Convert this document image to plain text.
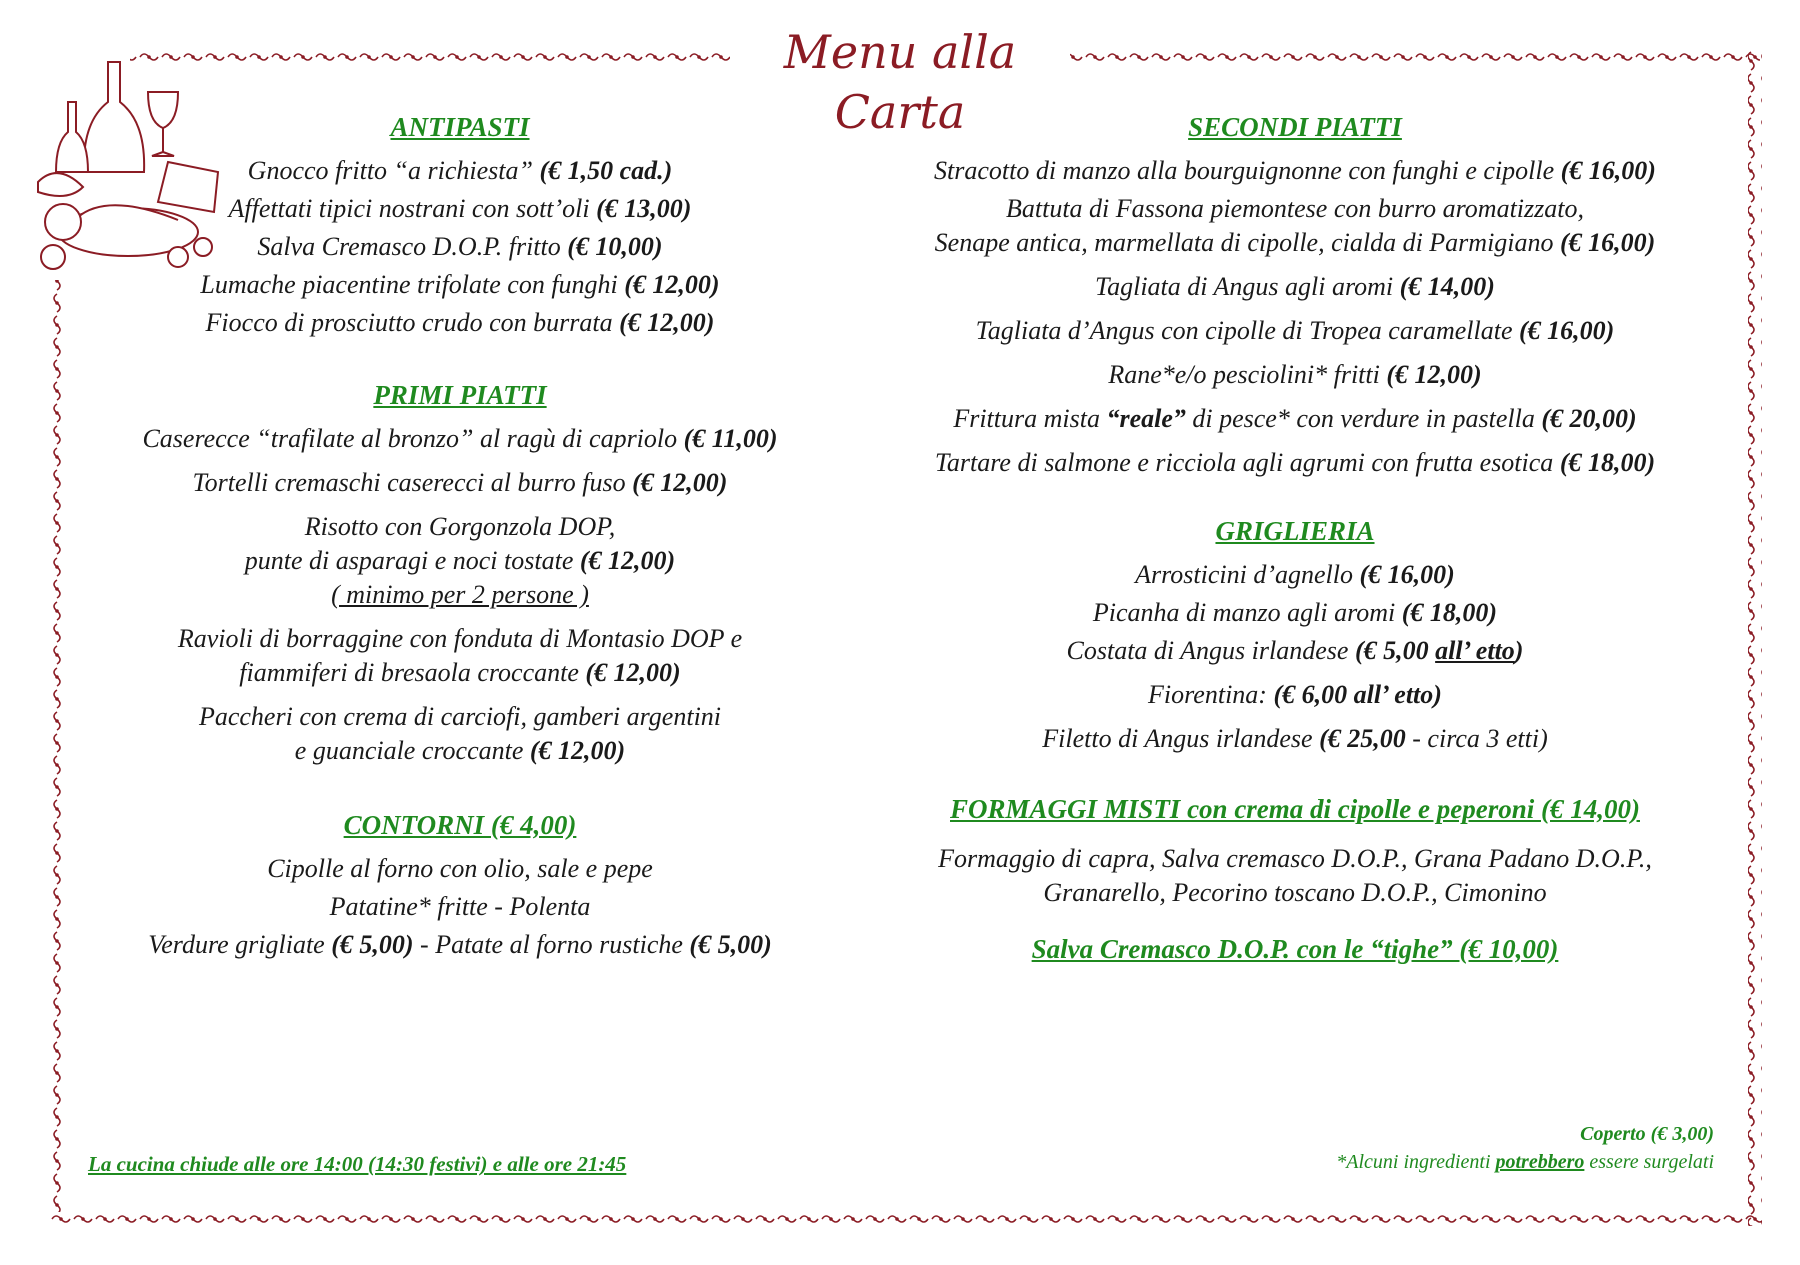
Menu alla Carta
ANTIPASTI
Gnocco fritto “a richiesta” (€ 1,50 cad.)
Affettati tipici nostrani con sott’oli (€ 13,00)
Salva Cremasco D.O.P. fritto (€ 10,00)
Lumache piacentine trifolate con funghi (€ 12,00)
Fiocco di prosciutto crudo con burrata (€ 12,00)
PRIMI PIATTI
Caserecce “trafilate al bronzo” al ragù di capriolo (€ 11,00)
Tortelli cremaschi caserecci al burro fuso (€ 12,00)
Risotto con Gorgonzola DOP,
punte di asparagi e noci tostate (€ 12,00)
( minimo per 2 persone )
Ravioli di borraggine con fonduta di Montasio DOP e
fiammiferi di bresaola croccante (€ 12,00)
Paccheri con crema di carciofi, gamberi argentini
e guanciale croccante (€ 12,00)
CONTORNI (€ 4,00)
Cipolle al forno con olio, sale e pepe
Patatine* fritte - Polenta
Verdure grigliate (€ 5,00) - Patate al forno rustiche (€ 5,00)
La cucina chiude alle ore 14:00 (14:30 festivi) e alle ore 21:45
SECONDI PIATTI
Stracotto di manzo alla bourguignonne con funghi e cipolle (€ 16,00)
Battuta di Fassona piemontese con burro aromatizzato,
Senape antica, marmellata di cipolle, cialda di Parmigiano (€ 16,00)
Tagliata di Angus agli aromi (€ 14,00)
Tagliata d’Angus con cipolle di Tropea caramellate (€ 16,00)
Rane*e/o pesciolini* fritti (€ 12,00)
Frittura mista “reale” di pesce* con verdure in pastella (€ 20,00)
Tartare di salmone e ricciola agli agrumi con frutta esotica (€ 18,00)
GRIGLIERIA
Arrosticini d’agnello (€ 16,00)
Picanha di manzo agli aromi (€ 18,00)
Costata di Angus irlandese (€ 5,00 all’ etto)
Fiorentina: (€ 6,00 all’ etto)
Filetto di Angus irlandese (€ 25,00 - circa 3 etti)
FORMAGGI MISTI con crema di cipolle e peperoni (€ 14,00)
Formaggio di capra, Salva cremasco D.O.P., Grana Padano D.O.P.,
Granarello, Pecorino toscano D.O.P., Cimonino
Salva Cremasco D.O.P. con le “tighe” (€ 10,00)
Coperto (€ 3,00)
*Alcuni ingredienti potrebbero essere surgelati
